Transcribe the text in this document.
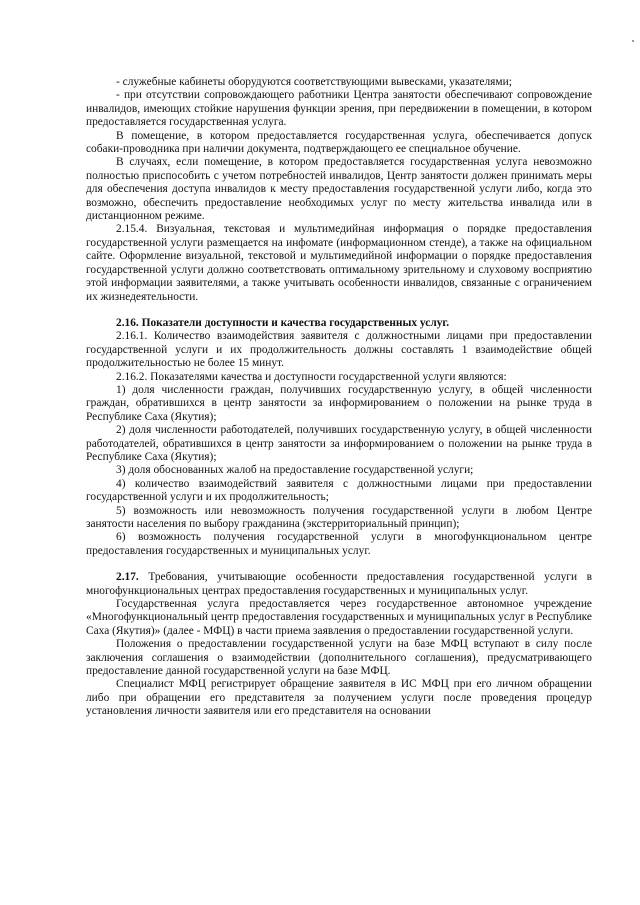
- служебные кабинеты оборудуются соответствующими вывесками, указателями;

- при отсутствии сопровождающего работники Центра занятости обеспечивают сопровождение инвалидов, имеющих стойкие нарушения функции зрения, при передвижении в помещении, в котором предоставляется государственная услуга.

В помещение, в котором предоставляется государственная услуга, обеспечивается допуск собаки-проводника при наличии документа, подтверждающего ее специальное обучение.

В случаях, если помещение, в котором предоставляется государственная услуга невозможно полностью приспособить с учетом потребностей инвалидов, Центр занятости должен принимать меры для обеспечения доступа инвалидов к месту предоставления государственной услуги либо, когда это возможно, обеспечить предоставление необходимых услуг по месту жительства инвалида или в дистанционном режиме.

2.15.4. Визуальная, текстовая и мультимедийная информация о порядке предоставления государственной услуги размещается на инфомате (информационном стенде), а также на официальном сайте. Оформление визуальной, текстовой и мультимедийной информации о порядке предоставления государственной услуги должно соответствовать оптимальному зрительному и слуховому восприятию этой информации заявителями, а также учитывать особенности инвалидов, связанные с ограничением их жизнедеятельности.

2.16. Показатели доступности и качества государственных услуг.

2.16.1. Количество взаимодействия заявителя с должностными лицами при предоставлении государственной услуги и их продолжительность должны составлять 1 взаимодействие общей продолжительностью не более 15 минут.

2.16.2. Показателями качества и доступности государственной услуги являются:

1) доля численности граждан, получивших государственную услугу, в общей численности граждан, обратившихся в центр занятости за информированием о положении на рынке труда в Республике Саха (Якутия);

2) доля численности работодателей, получивших государственную услугу, в общей численности работодателей, обратившихся в центр занятости за информированием о положении на рынке труда в Республике Саха (Якутия);

3) доля обоснованных жалоб на предоставление государственной услуги;

4) количество взаимодействий заявителя с должностными лицами при предоставлении государственной услуги и их продолжительность;

5) возможность или невозможность получения государственной услуги в любом Центре занятости населения по выбору гражданина (экстерриториальный принцип);

6) возможность получения государственной услуги в многофункциональном центре предоставления государственных и муниципальных услуг.

2.17. Требования, учитывающие особенности предоставления государственной услуги в многофункциональных центрах предоставления государственных и муниципальных услуг.

Государственная услуга предоставляется через государственное автономное учреждение «Многофункциональный центр предоставления государственных и муниципальных услуг в Республике Саха (Якутия)» (далее - МФЦ) в части приема заявления о предоставлении государственной услуги.

Положения о предоставлении государственной услуги на базе МФЦ вступают в силу после заключения соглашения о взаимодействии (дополнительного соглашения), предусматривающего предоставление данной государственной услуги на базе МФЦ.

Специалист МФЦ регистрирует обращение заявителя в ИС МФЦ при его личном обращении либо при обращении его представителя за получением услуги после проведения процедур установления личности заявителя или его представителя на основании
